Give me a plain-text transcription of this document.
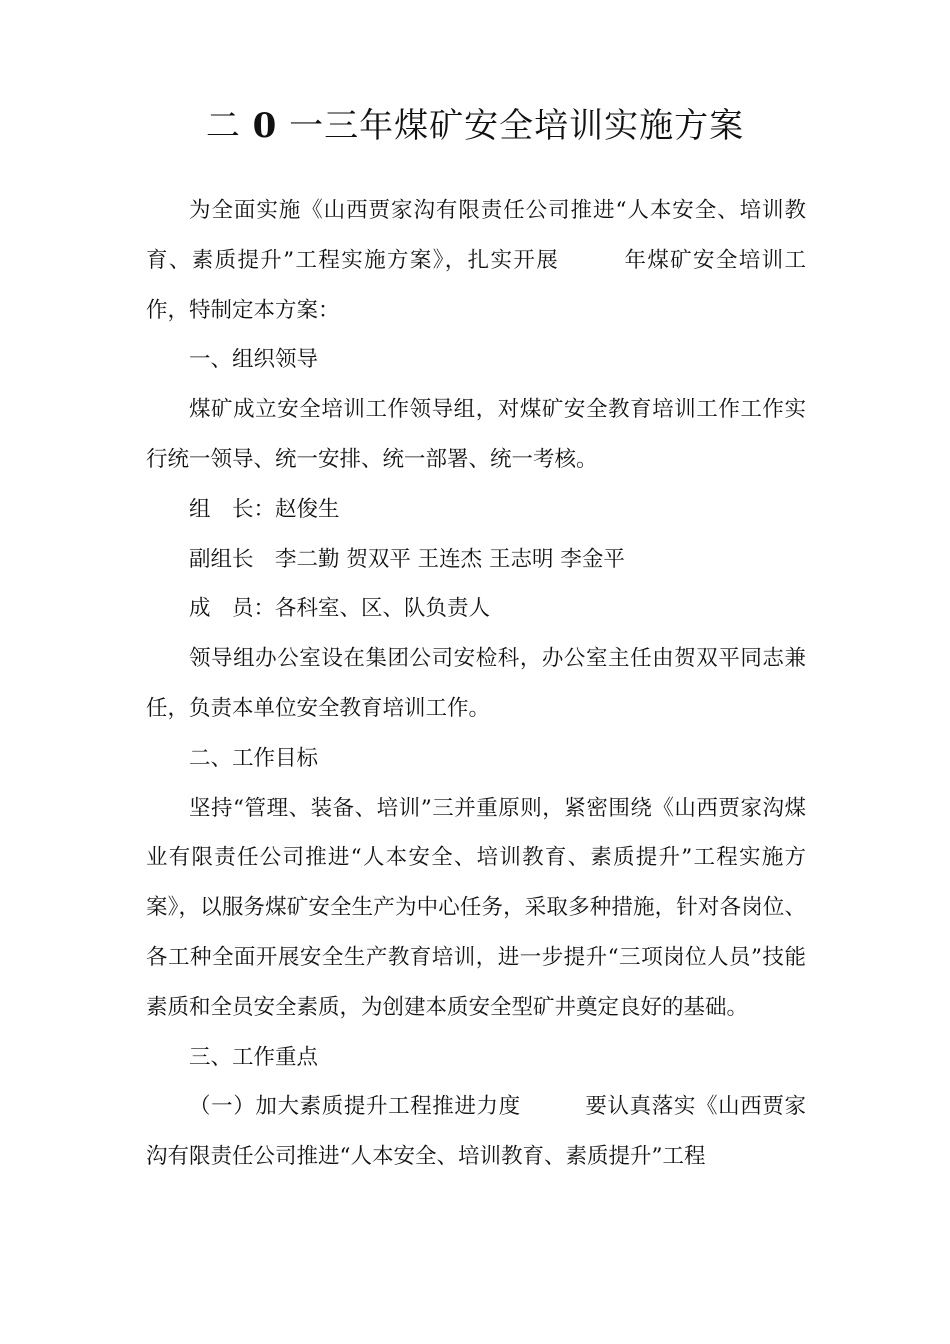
二 0 一三年煤矿安全培训实施方案

为全面实施《山西贾家沟有限责任公司推进“人本安全、培训教育、素质提升”工程实施方案》，扎实开展	年煤矿安全培训工作，特制定本方案：

一、组织领导

煤矿成立安全培训工作领导组，对煤矿安全教育培训工作工作实行统一领导、统一安排、统一部署、统一考核。

组　长：赵俊生

副组长　李二勤 贺双平 王连杰 王志明 李金平

成　员：各科室、区、队负责人

领导组办公室设在集团公司安检科，办公室主任由贺双平同志兼任，负责本单位安全教育培训工作。

二、工作目标

坚持“管理、装备、培训”三并重原则，紧密围绕《山西贾家沟煤业有限责任公司推进“人本安全、培训教育、素质提升”工程实施方案》，以服务煤矿安全生产为中心任务，采取多种措施，针对各岗位、各工种全面开展安全生产教育培训，进一步提升“三项岗位人员”技能素质和全员安全素质，为创建本质安全型矿井奠定良好的基础。

三、工作重点

（一）加大素质提升工程推进力度	要认真落实《山西贾家沟有限责任公司推进“人本安全、培训教育、素质提升”工程
